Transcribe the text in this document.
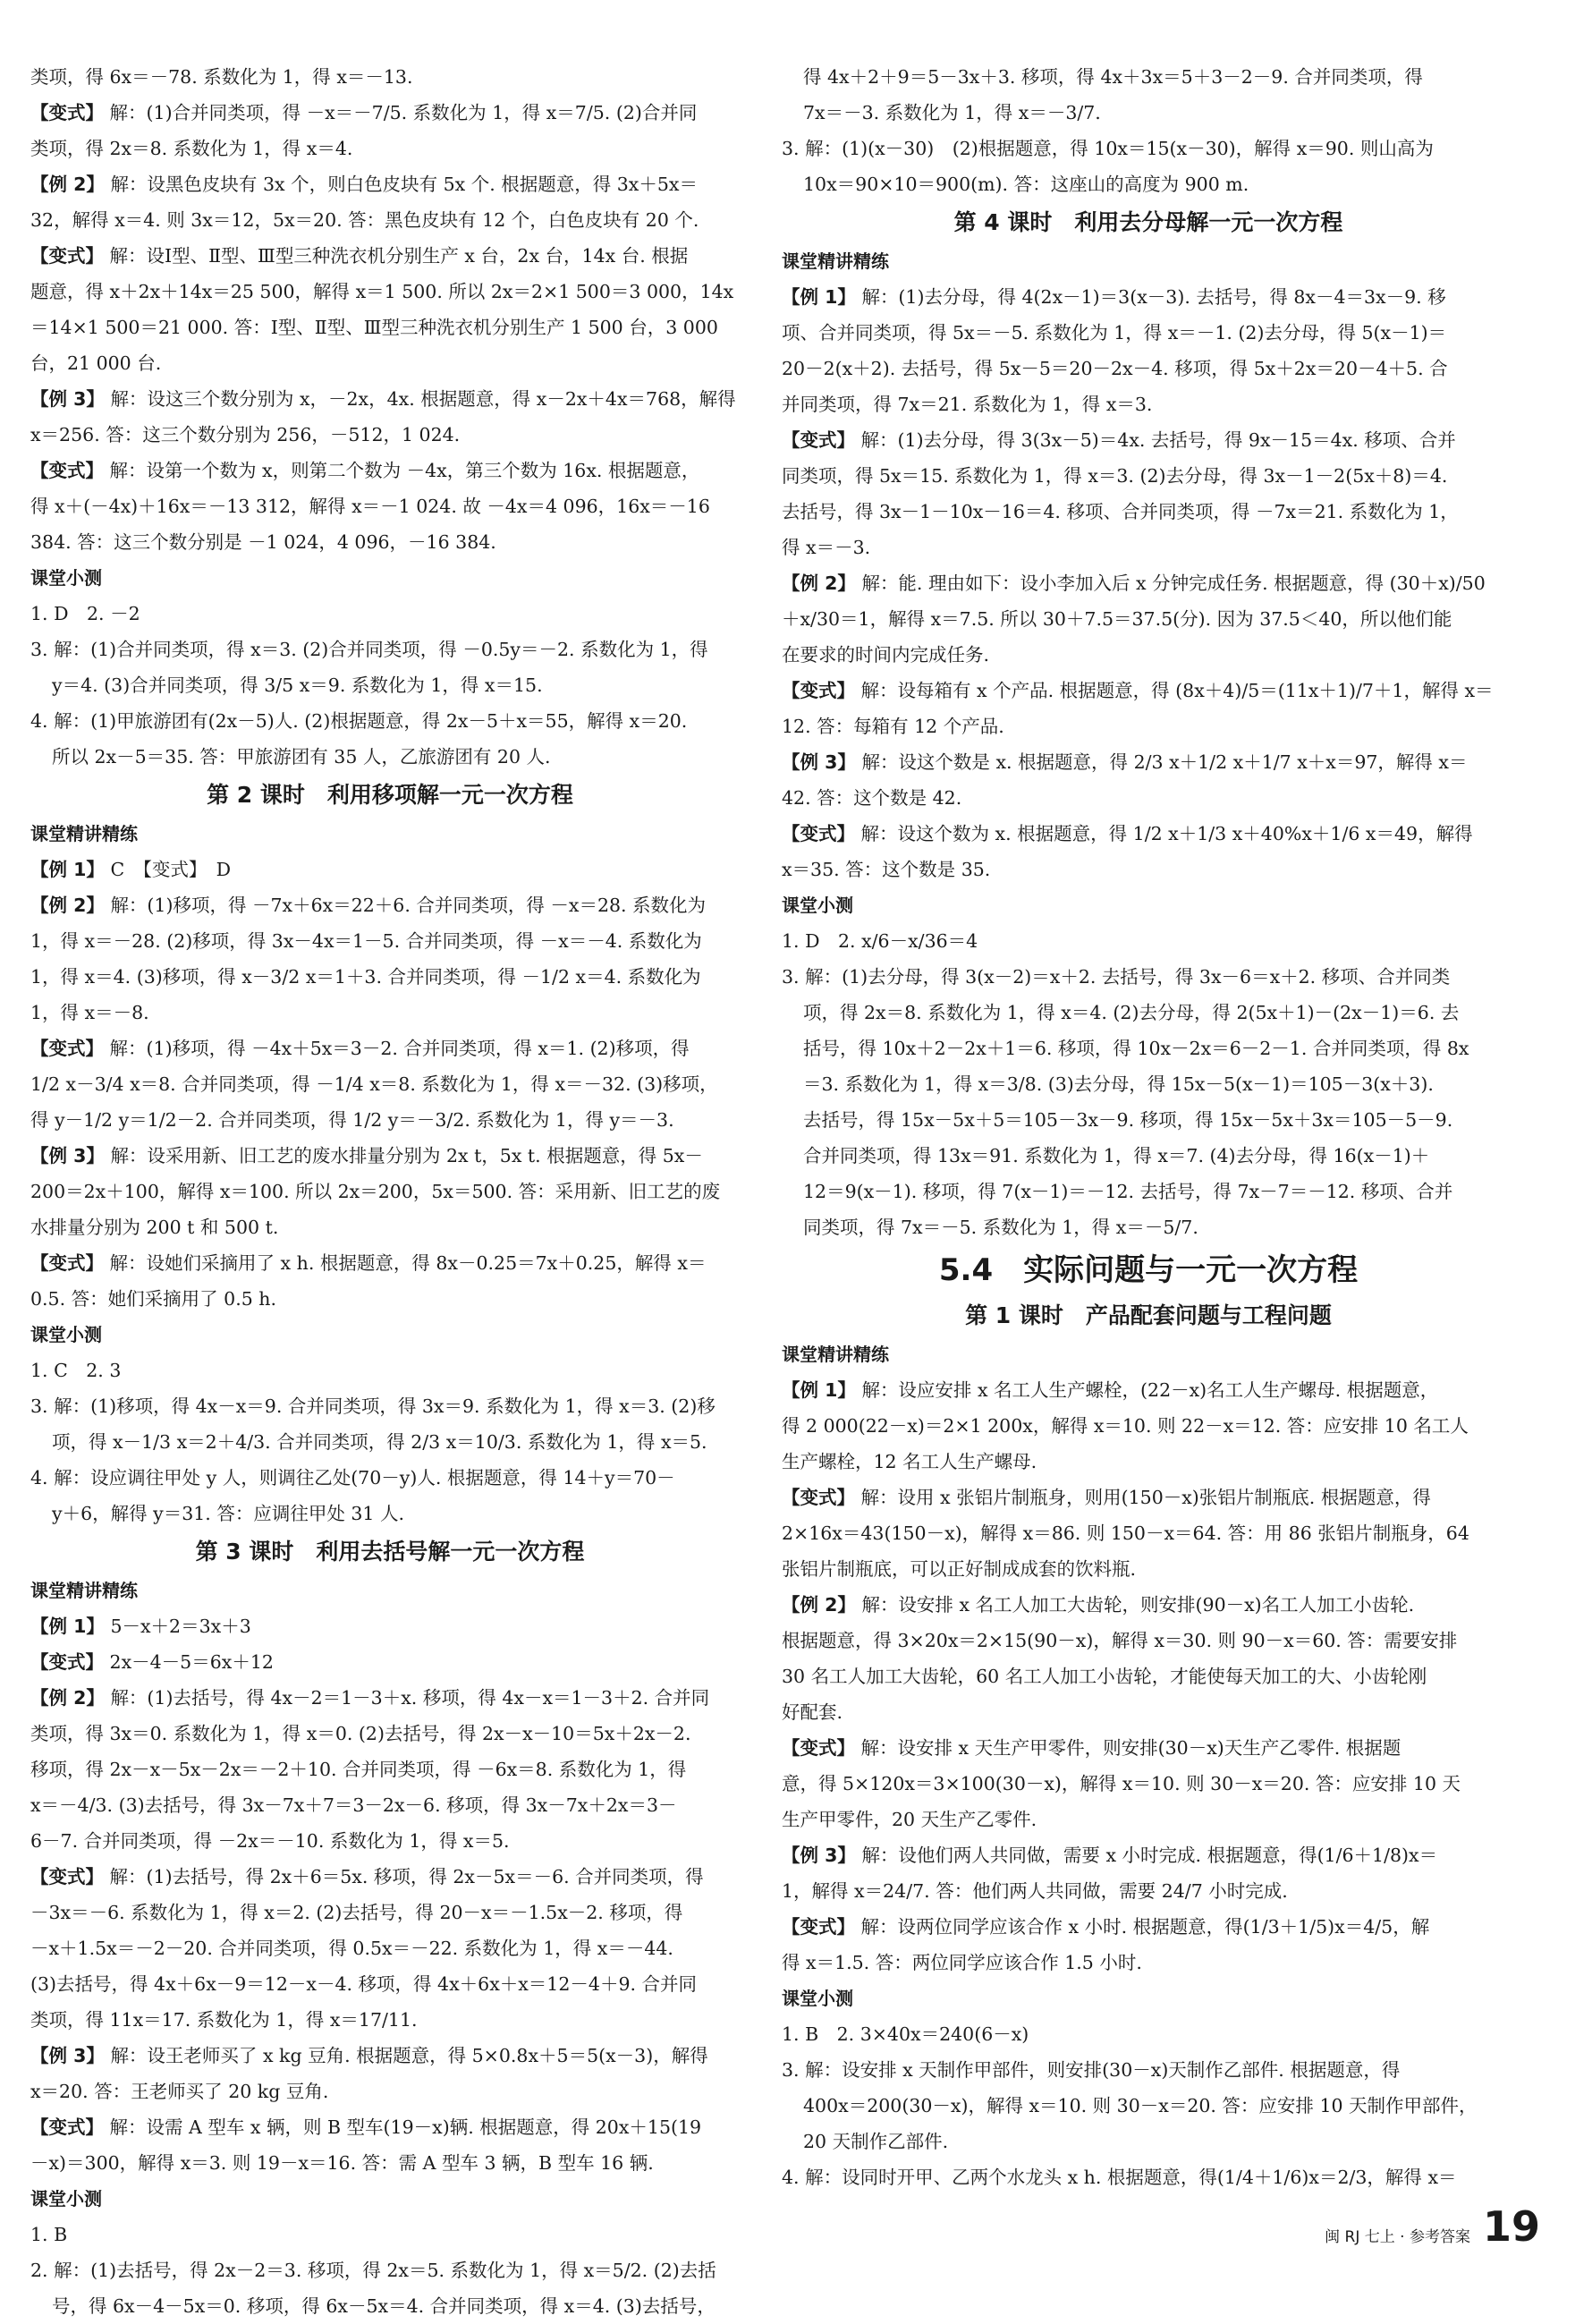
类项，得 6x＝－78. 系数化为 1，得 x＝－13.
【变式】 解：(1)合并同类项，得 －x＝－7/5. 系数化为 1，得 x＝7/5. (2)合并同
类项，得 2x＝8. 系数化为 1，得 x＝4.
【例 2】 解：设黑色皮块有 3x 个，则白色皮块有 5x 个. 根据题意，得 3x＋5x＝
32，解得 x＝4. 则 3x＝12，5x＝20. 答：黑色皮块有 12 个，白色皮块有 20 个.
【变式】 解：设Ⅰ型、Ⅱ型、Ⅲ型三种洗衣机分别生产 x 台，2x 台，14x 台. 根据
题意，得 x＋2x＋14x＝25 500，解得 x＝1 500. 所以 2x＝2×1 500＝3 000，14x
＝14×1 500＝21 000. 答：Ⅰ型、Ⅱ型、Ⅲ型三种洗衣机分别生产 1 500 台，3 000
台，21 000 台.
【例 3】 解：设这三个数分别为 x，－2x，4x. 根据题意，得 x－2x＋4x＝768，解得
x＝256. 答：这三个数分别为 256，－512，1 024.
【变式】 解：设第一个数为 x，则第二个数为 －4x，第三个数为 16x. 根据题意，
得 x＋(－4x)＋16x＝－13 312，解得 x＝－1 024. 故 －4x＝4 096，16x＝－16
384. 答：这三个数分别是 －1 024，4 096，－16 384.
课堂小测
1. D　2. －2
3. 解：(1)合并同类项，得 x＝3. (2)合并同类项，得 －0.5y＝－2. 系数化为 1，得
y＝4. (3)合并同类项，得 3/5 x＝9. 系数化为 1，得 x＝15.
4. 解：(1)甲旅游团有(2x－5)人. (2)根据题意，得 2x－5＋x＝55，解得 x＝20.
所以 2x－5＝35. 答：甲旅游团有 35 人，乙旅游团有 20 人.
第 2 课时　利用移项解一元一次方程
课堂精讲精练
【例 1】 C　【变式】　D
【例 2】 解：(1)移项，得 －7x＋6x＝22＋6. 合并同类项，得 －x＝28. 系数化为
1，得 x＝－28. (2)移项，得 3x－4x＝1－5. 合并同类项，得 －x＝－4. 系数化为
1，得 x＝4. (3)移项，得 x－3/2 x＝1＋3. 合并同类项，得 －1/2 x＝4. 系数化为
1，得 x＝－8.
【变式】 解：(1)移项，得 －4x＋5x＝3－2. 合并同类项，得 x＝1. (2)移项，得
1/2 x－3/4 x＝8. 合并同类项，得 －1/4 x＝8. 系数化为 1，得 x＝－32. (3)移项，
得 y－1/2 y＝1/2－2. 合并同类项，得 1/2 y＝－3/2. 系数化为 1，得 y＝－3.
【例 3】 解：设采用新、旧工艺的废水排量分别为 2x t，5x t. 根据题意，得 5x－
200＝2x＋100，解得 x＝100. 所以 2x＝200，5x＝500. 答：采用新、旧工艺的废
水排量分别为 200 t 和 500 t.
【变式】 解：设她们采摘用了 x h. 根据题意，得 8x－0.25＝7x＋0.25，解得 x＝
0.5. 答：她们采摘用了 0.5 h.
课堂小测
1. C　2. 3
3. 解：(1)移项，得 4x－x＝9. 合并同类项，得 3x＝9. 系数化为 1，得 x＝3. (2)移
项，得 x－1/3 x＝2＋4/3. 合并同类项，得 2/3 x＝10/3. 系数化为 1，得 x＝5.
4. 解：设应调往甲处 y 人，则调往乙处(70－y)人. 根据题意，得 14＋y＝70－
y＋6，解得 y＝31. 答：应调往甲处 31 人.
第 3 课时　利用去括号解一元一次方程
课堂精讲精练
【例 1】 5－x＋2＝3x＋3
【变式】 2x－4－5＝6x＋12
【例 2】 解：(1)去括号，得 4x－2＝1－3＋x. 移项，得 4x－x＝1－3＋2. 合并同
类项，得 3x＝0. 系数化为 1，得 x＝0. (2)去括号，得 2x－x－10＝5x＋2x－2.
移项，得 2x－x－5x－2x＝－2＋10. 合并同类项，得 －6x＝8. 系数化为 1，得
x＝－4/3. (3)去括号，得 3x－7x＋7＝3－2x－6. 移项，得 3x－7x＋2x＝3－
6－7. 合并同类项，得 －2x＝－10. 系数化为 1，得 x＝5.
【变式】 解：(1)去括号，得 2x＋6＝5x. 移项，得 2x－5x＝－6. 合并同类项，得
－3x＝－6. 系数化为 1，得 x＝2. (2)去括号，得 20－x＝－1.5x－2. 移项，得
－x＋1.5x＝－2－20. 合并同类项，得 0.5x＝－22. 系数化为 1，得 x＝－44.
(3)去括号，得 4x＋6x－9＝12－x－4. 移项，得 4x＋6x＋x＝12－4＋9. 合并同
类项，得 11x＝17. 系数化为 1，得 x＝17/11.
【例 3】 解：设王老师买了 x kg 豆角. 根据题意，得 5×0.8x＋5＝5(x－3)，解得
x＝20. 答：王老师买了 20 kg 豆角.
【变式】 解：设需 A 型车 x 辆，则 B 型车(19－x)辆. 根据题意，得 20x＋15(19
－x)＝300，解得 x＝3. 则 19－x＝16. 答：需 A 型车 3 辆，B 型车 16 辆.
课堂小测
1. B
2. 解：(1)去括号，得 2x－2＝3. 移项，得 2x＝5. 系数化为 1，得 x＝5/2. (2)去括
号，得 6x－4－5x＝0. 移项，得 6x－5x＝4. 合并同类项，得 x＝4. (3)去括号，
得 4x＋2＋9＝5－3x＋3. 移项，得 4x＋3x＝5＋3－2－9. 合并同类项，得
7x＝－3. 系数化为 1，得 x＝－3/7.
3. 解：(1)(x－30)　(2)根据题意，得 10x＝15(x－30)，解得 x＝90. 则山高为
10x＝90×10＝900(m). 答：这座山的高度为 900 m.
第 4 课时　利用去分母解一元一次方程
课堂精讲精练
【例 1】 解：(1)去分母，得 4(2x－1)＝3(x－3). 去括号，得 8x－4＝3x－9. 移
项、合并同类项，得 5x＝－5. 系数化为 1，得 x＝－1. (2)去分母，得 5(x－1)＝
20－2(x＋2). 去括号，得 5x－5＝20－2x－4. 移项，得 5x＋2x＝20－4＋5. 合
并同类项，得 7x＝21. 系数化为 1，得 x＝3.
【变式】 解：(1)去分母，得 3(3x－5)＝4x. 去括号，得 9x－15＝4x. 移项、合并
同类项，得 5x＝15. 系数化为 1，得 x＝3. (2)去分母，得 3x－1－2(5x＋8)＝4.
去括号，得 3x－1－10x－16＝4. 移项、合并同类项，得 －7x＝21. 系数化为 1，
得 x＝－3.
【例 2】 解：能. 理由如下：设小李加入后 x 分钟完成任务. 根据题意，得 (30＋x)/50
＋x/30＝1，解得 x＝7.5. 所以 30＋7.5＝37.5(分). 因为 37.5＜40，所以他们能
在要求的时间内完成任务.
【变式】 解：设每箱有 x 个产品. 根据题意，得 (8x＋4)/5＝(11x＋1)/7＋1，解得 x＝
12. 答：每箱有 12 个产品.
【例 3】 解：设这个数是 x. 根据题意，得 2/3 x＋1/2 x＋1/7 x＋x＝97，解得 x＝
42. 答：这个数是 42.
【变式】 解：设这个数为 x. 根据题意，得 1/2 x＋1/3 x＋40%x＋1/6 x＝49，解得
x＝35. 答：这个数是 35.
课堂小测
1. D　2. x/6－x/36＝4
3. 解：(1)去分母，得 3(x－2)＝x＋2. 去括号，得 3x－6＝x＋2. 移项、合并同类
项，得 2x＝8. 系数化为 1，得 x＝4. (2)去分母，得 2(5x＋1)－(2x－1)＝6. 去
括号，得 10x＋2－2x＋1＝6. 移项，得 10x－2x＝6－2－1. 合并同类项，得 8x
＝3. 系数化为 1，得 x＝3/8. (3)去分母，得 15x－5(x－1)＝105－3(x＋3).
去括号，得 15x－5x＋5＝105－3x－9. 移项，得 15x－5x＋3x＝105－5－9.
合并同类项，得 13x＝91. 系数化为 1，得 x＝7. (4)去分母，得 16(x－1)＋
12＝9(x－1). 移项，得 7(x－1)＝－12. 去括号，得 7x－7＝－12. 移项、合并
同类项，得 7x＝－5. 系数化为 1，得 x＝－5/7.
5.4　实际问题与一元一次方程
第 1 课时　产品配套问题与工程问题
课堂精讲精练
【例 1】 解：设应安排 x 名工人生产螺栓，(22－x)名工人生产螺母. 根据题意，
得 2 000(22－x)＝2×1 200x，解得 x＝10. 则 22－x＝12. 答：应安排 10 名工人
生产螺栓，12 名工人生产螺母.
【变式】 解：设用 x 张铝片制瓶身，则用(150－x)张铝片制瓶底. 根据题意，得
2×16x＝43(150－x)，解得 x＝86. 则 150－x＝64. 答：用 86 张铝片制瓶身，64
张铝片制瓶底，可以正好制成成套的饮料瓶.
【例 2】 解：设安排 x 名工人加工大齿轮，则安排(90－x)名工人加工小齿轮.
根据题意，得 3×20x＝2×15(90－x)，解得 x＝30. 则 90－x＝60. 答：需要安排
30 名工人加工大齿轮，60 名工人加工小齿轮，才能使每天加工的大、小齿轮刚
好配套.
【变式】 解：设安排 x 天生产甲零件，则安排(30－x)天生产乙零件. 根据题
意，得 5×120x＝3×100(30－x)，解得 x＝10. 则 30－x＝20. 答：应安排 10 天
生产甲零件，20 天生产乙零件.
【例 3】 解：设他们两人共同做，需要 x 小时完成. 根据题意，得(1/6＋1/8)x＝
1，解得 x＝24/7. 答：他们两人共同做，需要 24/7 小时完成.
【变式】 解：设两位同学应该合作 x 小时. 根据题意，得(1/3＋1/5)x＝4/5，解
得 x＝1.5. 答：两位同学应该合作 1.5 小时.
课堂小测
1. B　2. 3×40x＝240(6－x)
3. 解：设安排 x 天制作甲部件，则安排(30－x)天制作乙部件. 根据题意，得
400x＝200(30－x)，解得 x＝10. 则 30－x＝20. 答：应安排 10 天制作甲部件，
20 天制作乙部件.
4. 解：设同时开甲、乙两个水龙头 x h. 根据题意，得(1/4＋1/6)x＝2/3，解得 x＝
闽 RJ 七上 · 参考答案 19
